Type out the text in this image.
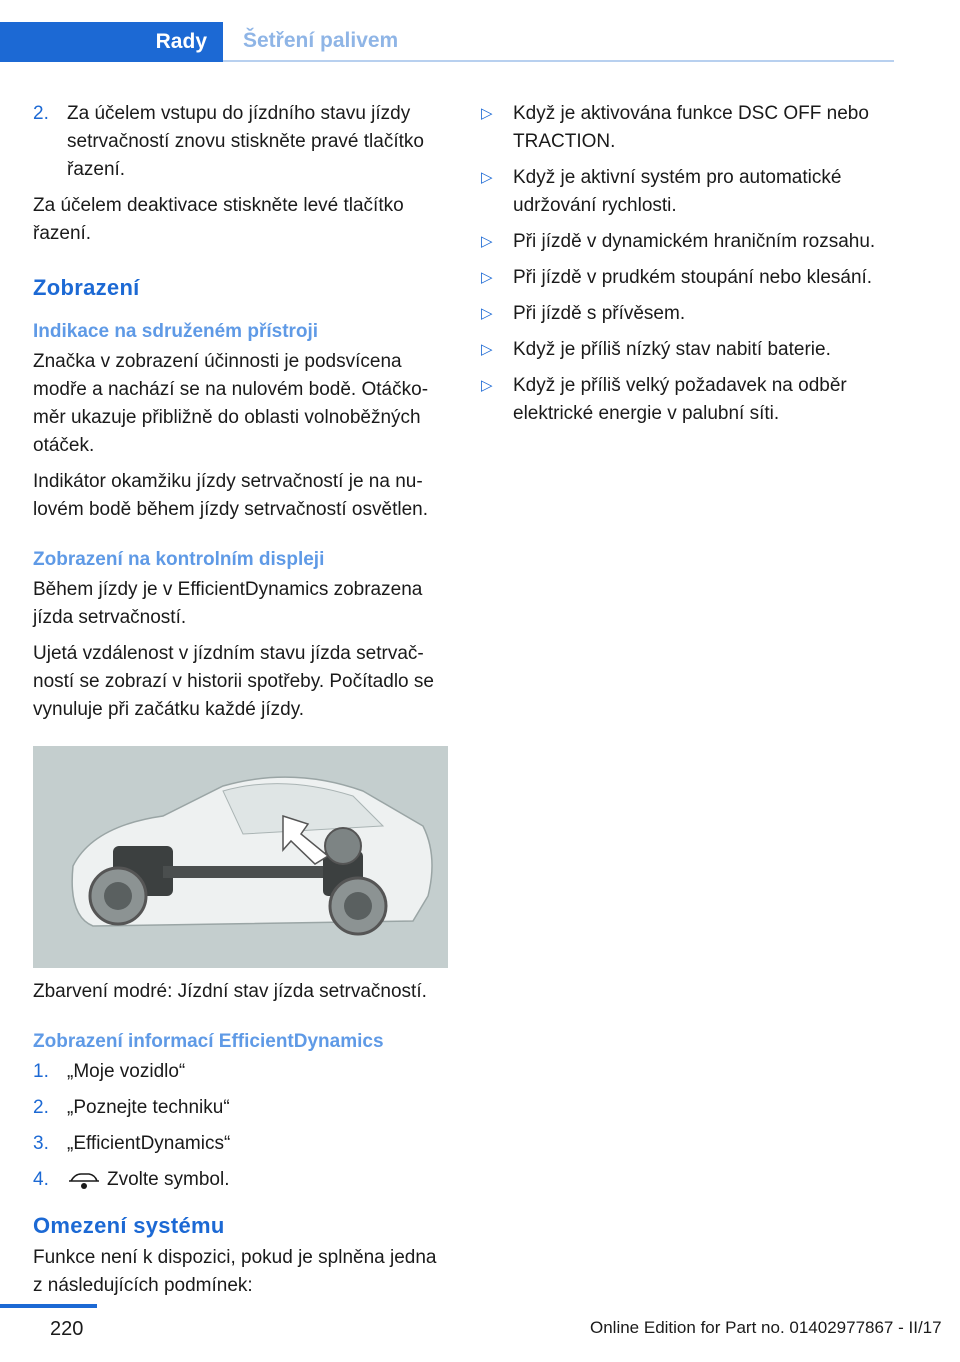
Rady	Šetření palivem
2. Za účelem vstupu do jízdního stavu jízdy setrvačností znovu stiskněte pravé tlačítko řazení.

Za účelem deaktivace stiskněte levé tlačítko řazení.

Zobrazení
Indikace na sdruženém přístroji

Značka v zobrazení účinnosti je podsvícena modře a nachází se na nulovém bodě. Otáčkoměr ukazuje přibližně do oblasti volnoběžných otáček.

Indikátor okamžiku jízdy setrvačností je na nulovém bodě během jízdy setrvačností osvětlen.

Zobrazení na kontrolním displeji

Během jízdy je v EfficientDynamics zobrazena jízda setrvačností.

Ujetá vzdálenost v jízdním stavu jízda setrvačností se zobrazí v historii spotřeby. Počítadlo se vynuluje při začátku každé jízdy.

Zbarvení modré: Jízdní stav jízda setrvačností.

Zobrazení informací EfficientDynamics
1. „Moje vozidlo“
2. „Poznejte techniku“
3. „EfficientDynamics“
4.	Zvolte symbol.
Omezení systému

Funkce není k dispozici, pokud je splněna jedna z následujících podmínek:

▷	Když je aktivována funkce DSC OFF nebo TRACTION.
▷	Když je aktivní systém pro automatické udržování rychlosti.
▷	Při jízdě v dynamickém hraničním rozsahu.
▷	Při jízdě v prudkém stoupání nebo klesání.
▷	Při jízdě s přívěsem.
▷	Když je příliš nízký stav nabití baterie.
▷	Když je příliš velký požadavek na odběr elektrické energie v palubní síti.
220	Online Edition for Part no. 01402977867 - II/17
